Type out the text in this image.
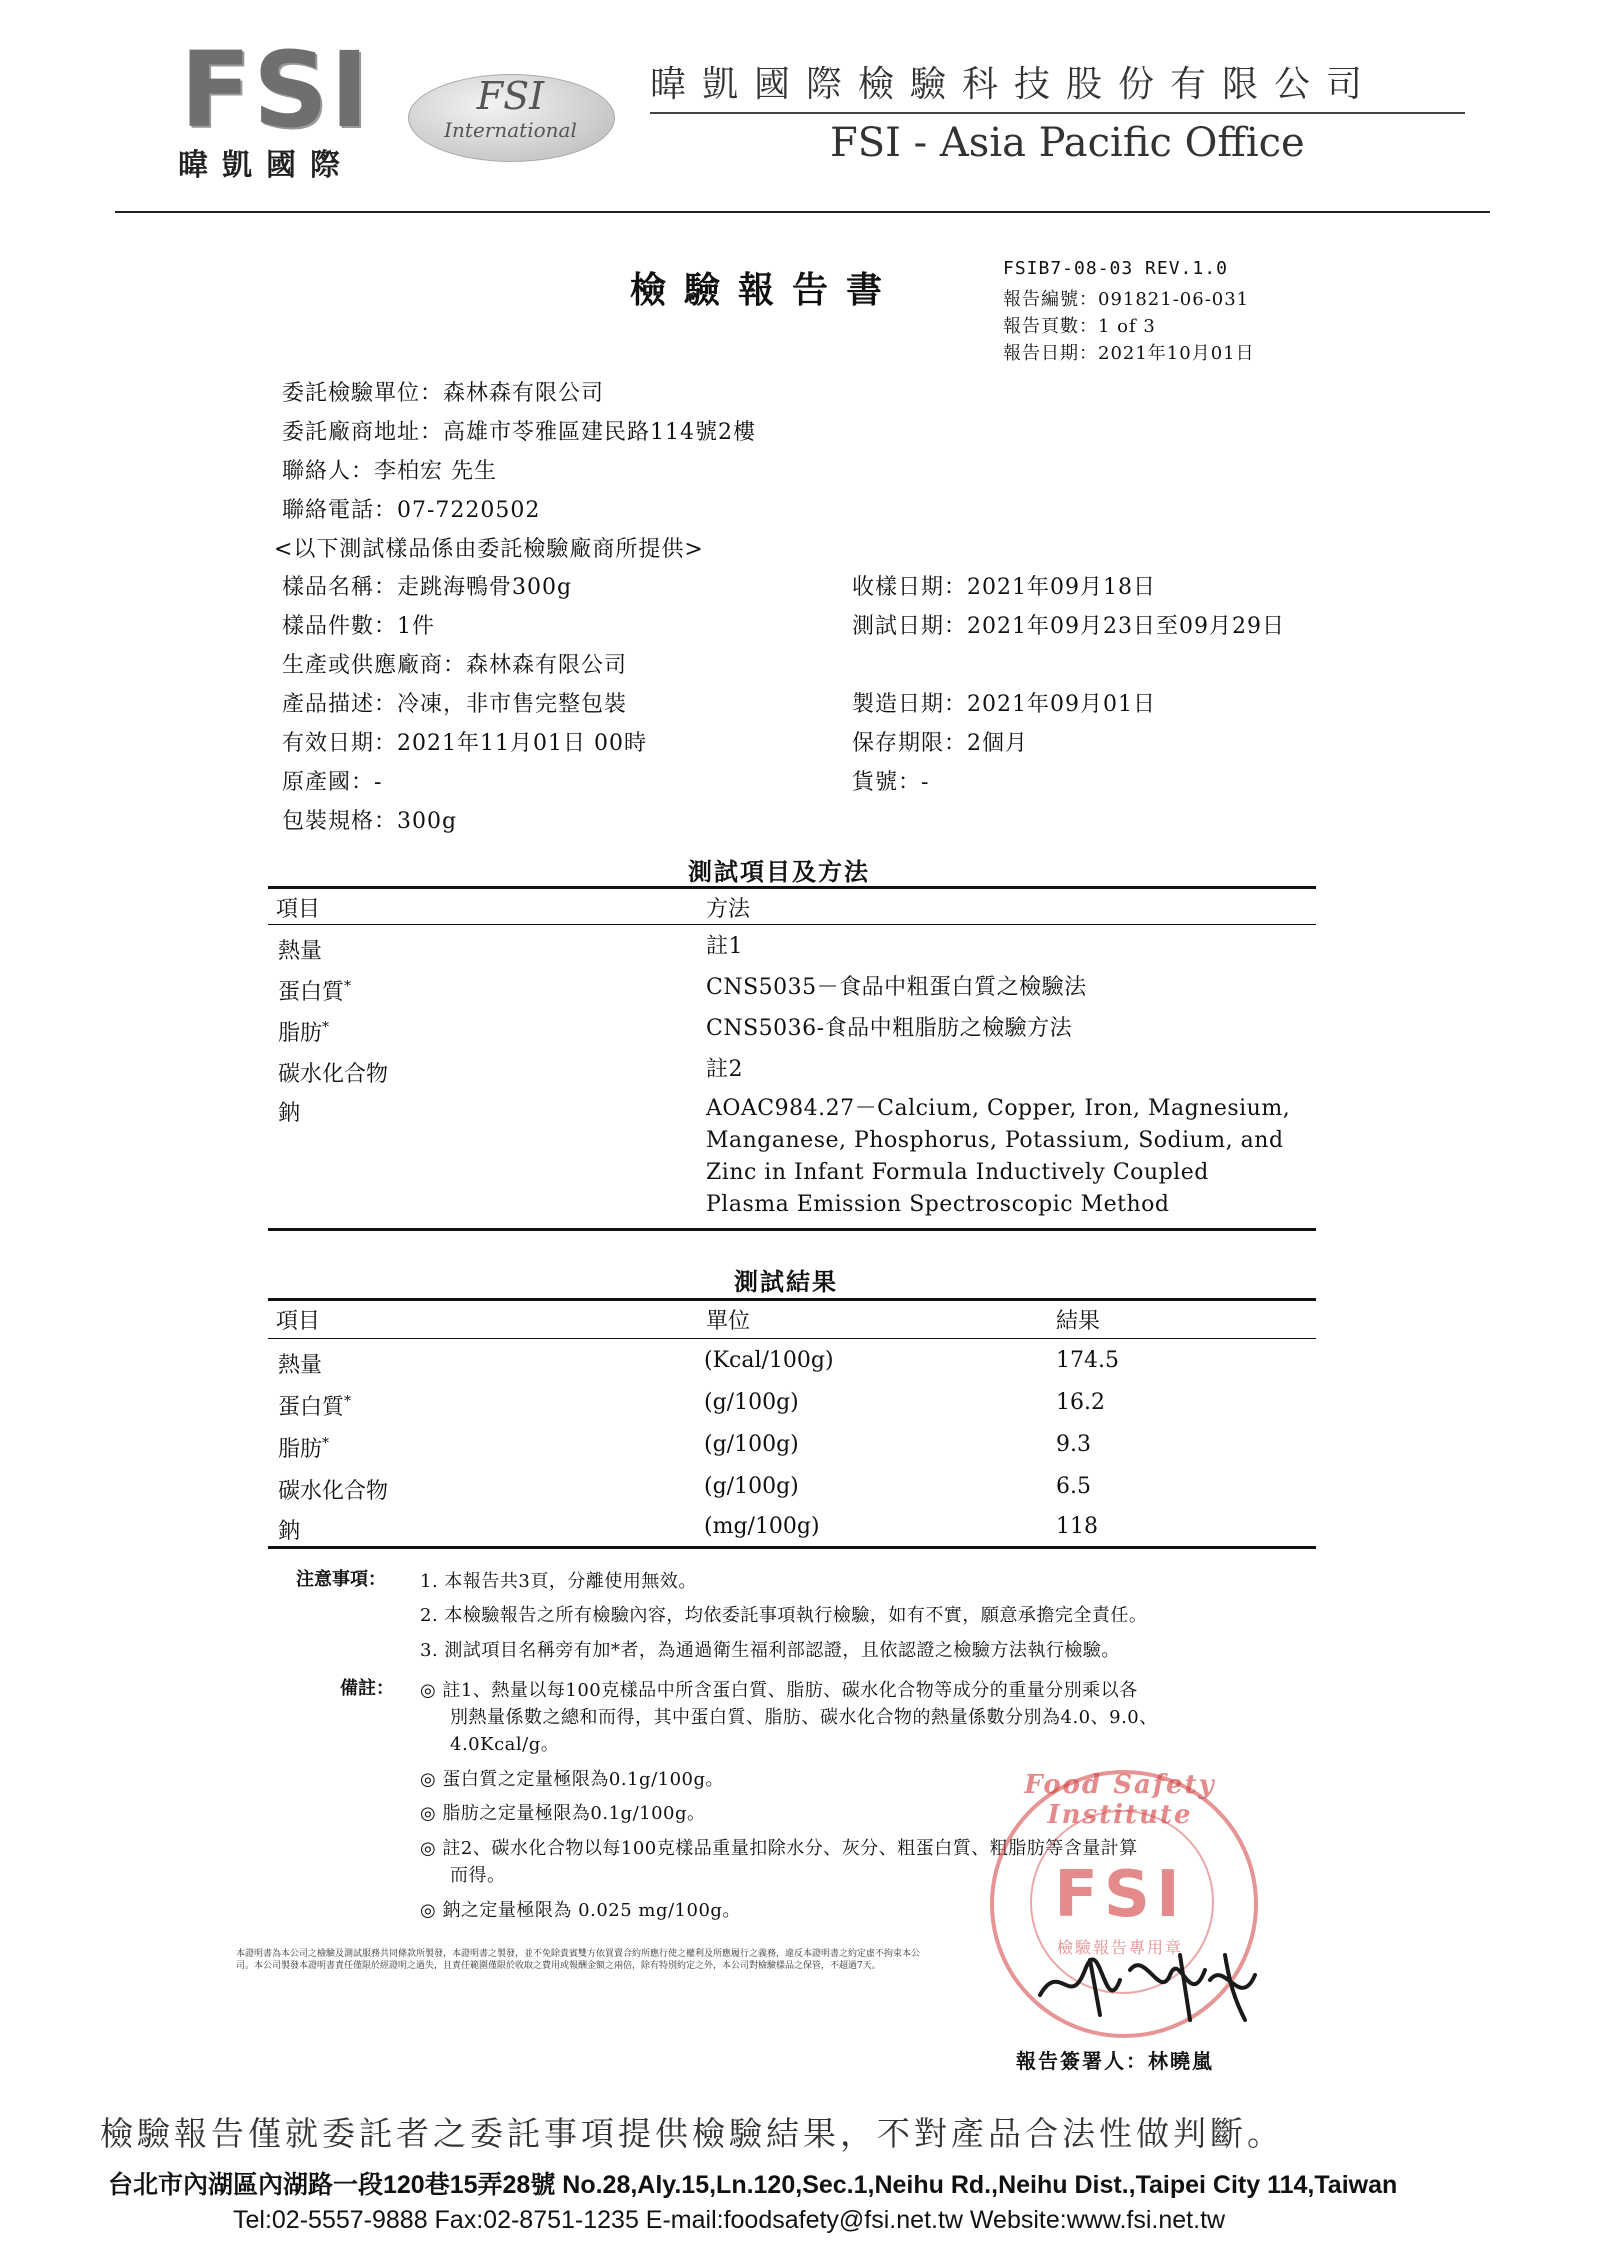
FSI
暐凱國際
FSI
International
暐凱國際檢驗科技股份有限公司
FSI - Asia Pacific Office
檢驗報告書
FSIB7-08-03 REV.1.0
報告編號：091821-06-031
報告頁數：1 of 3
報告日期：2021年10月01日
委託檢驗單位：森林森有限公司
委託廠商地址：高雄市苓雅區建民路114號2樓
聯絡人：李柏宏 先生
聯絡電話：07-7220502
<以下測試樣品係由委託檢驗廠商所提供>
樣品名稱：走跳海鴨骨300g
樣品件數：1件
生產或供應廠商：森林森有限公司
產品描述：冷凍，非市售完整包裝
有效日期：2021年11月01日 00時
原產國：-
包裝規格：300g
收樣日期：2021年09月18日
測試日期：2021年09月23日至09月29日
製造日期：2021年09月01日
保存期限：2個月
貨號：-
測試項目及方法
項目	方法
熱量	註1
蛋白質*	CNS5035－食品中粗蛋白質之檢驗法
脂肪*	CNS5036-食品中粗脂肪之檢驗方法
碳水化合物	註2
鈉	AOAC984.27－Calcium, Copper, Iron, Magnesium,
Manganese, Phosphorus, Potassium, Sodium, and
Zinc in Infant Formula Inductively Coupled
Plasma Emission Spectroscopic Method
測試結果
項目	單位	結果
熱量	(Kcal/100g)	174.5
蛋白質*	(g/100g)	16.2
脂肪*	(g/100g)	9.3
碳水化合物	(g/100g)	6.5
鈉	(mg/100g)	118
注意事項： 1. 本報告共3頁，分離使用無效。
2. 本檢驗報告之所有檢驗內容，均依委託事項執行檢驗，如有不實，願意承擔完全責任。
3. 測試項目名稱旁有加*者，為通過衛生福利部認證，且依認證之檢驗方法執行檢驗。
備註： ◎ 註1、熱量以每100克樣品中所含蛋白質、脂肪、碳水化合物等成分的重量分別乘以各
別熱量係數之總和而得，其中蛋白質、脂肪、碳水化合物的熱量係數分別為4.0、9.0、
4.0Kcal/g。
◎ 蛋白質之定量極限為0.1g/100g。
◎ 脂肪之定量極限為0.1g/100g。
◎ 註2、碳水化合物以每100克樣品重量扣除水分、灰分、粗蛋白質、粗脂肪等含量計算
而得。
◎ 鈉之定量極限為 0.025 mg/100g。
本證明書為本公司之檢驗及測試服務共同條款所製發，本證明書之製發，並不免除貴賓雙方依買賣合約所應行使之權利及所應履行之義務，違反本證明書之約定虛不拘束本公司。本公司製發本證明書責任僅限於經證明之過失，且責任範圍僅限於收取之費用或報酬金額之兩倍，除有特別約定之外，本公司對檢驗樣品之保管，不超過7天。
Food Safety Institute
FSI
檢驗報告專用章
報告簽署人：林曉嵐
檢驗報告僅就委託者之委託事項提供檢驗結果，不對產品合法性做判斷。
台北市內湖區內湖路一段120巷15弄28號 No.28,Aly.15,Ln.120,Sec.1,Neihu Rd.,Neihu Dist.,Taipei City 114,Taiwan
Tel:02-5557-9888 Fax:02-8751-1235 E-mail:foodsafety@fsi.net.tw Website:www.fsi.net.tw
